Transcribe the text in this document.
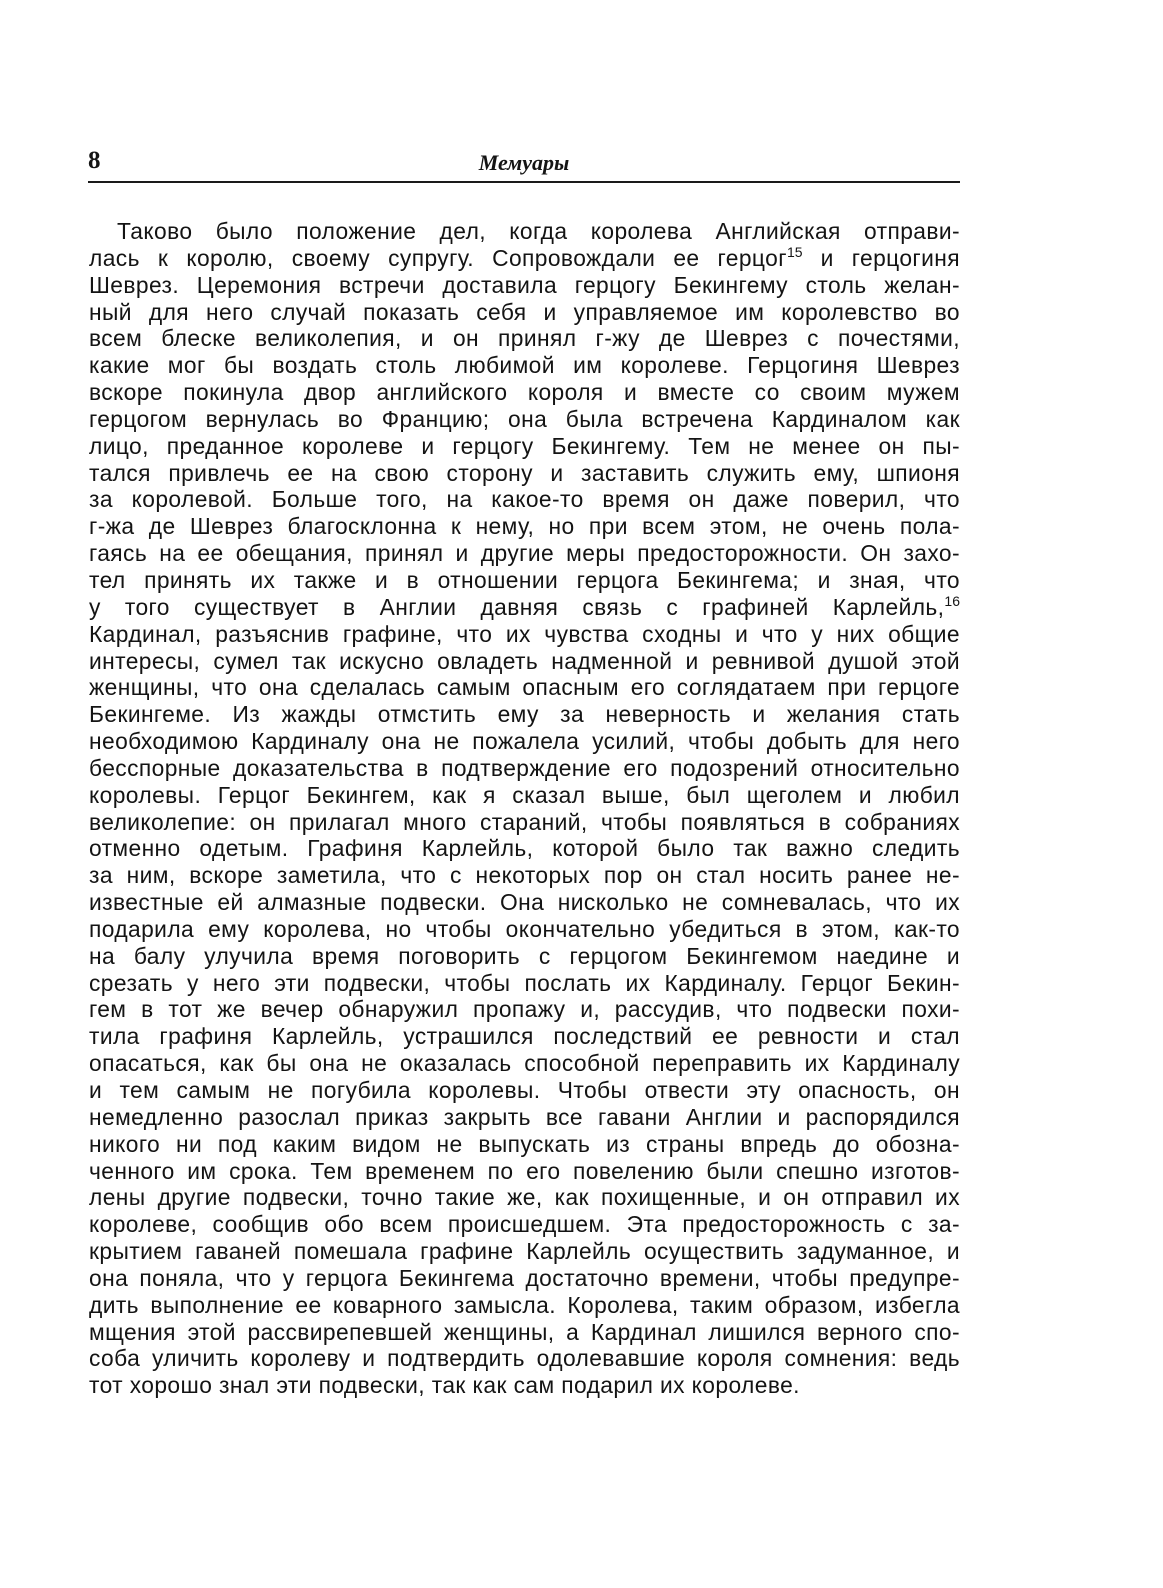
8	Мемуары
Таково было положение дел, когда королева Английская отправи-
лась к королю, своему супругу. Сопровождали ее герцог$^{15}$ и герцогиня
Шеврез. Церемония встречи доставила герцогу Бекингему столь желан-
ный для него случай показать себя и управляемое им королевство во
всем блеске великолепия, и он принял г-жу де Шеврез с почестями,
какие мог бы воздать столь любимой им королеве. Герцогиня Шеврез
вскоре покинула двор английского короля и вместе со своим мужем
герцогом вернулась во Францию; она была встречена Кардиналом как
лицо, преданное королеве и герцогу Бекингему. Тем не менее он пы-
тался привлечь ее на свою сторону и заставить служить ему, шпионя
за королевой. Больше того, на какое-то время он даже поверил, что
г-жа де Шеврез благосклонна к нему, но при всем этом, не очень пола-
гаясь на ее обещания, принял и другие меры предосторожности. Он захо-
тел принять их также и в отношении герцога Бекингема; и зная, что
у того существует в Англии давняя связь с графиней Карлейль,$^{16}$
Кардинал, разъяснив графине, что их чувства сходны и что у них общие
интересы, сумел так искусно овладеть надменной и ревнивой душой этой
женщины, что она сделалась самым опасным его соглядатаем при герцоге
Бекингеме. Из жажды отмстить ему за неверность и желания стать
необходимою Кардиналу она не пожалела усилий, чтобы добыть для него
бесспорные доказательства в подтверждение его подозрений относительно
королевы. Герцог Бекингем, как я сказал выше, был щеголем и любил
великолепие: он прилагал много стараний, чтобы появляться в собраниях
отменно одетым. Графиня Карлейль, которой было так важно следить
за ним, вскоре заметила, что с некоторых пор он стал носить ранее не-
известные ей алмазные подвески. Она нисколько не сомневалась, что их
подарила ему королева, но чтобы окончательно убедиться в этом, как-то
на балу улучила время поговорить с герцогом Бекингемом наедине и
срезать у него эти подвески, чтобы послать их Кардиналу. Герцог Бекин-
гем в тот же вечер обнаружил пропажу и, рассудив, что подвески похи-
тила графиня Карлейль, устрашился последствий ее ревности и стал
опасаться, как бы она не оказалась способной переправить их Кардиналу
и тем самым не погубила королевы. Чтобы отвести эту опасность, он
немедленно разослал приказ закрыть все гавани Англии и распорядился
никого ни под каким видом не выпускать из страны впредь до обозна-
ченного им срока. Тем временем по его повелению были спешно изготов-
лены другие подвески, точно такие же, как похищенные, и он отправил их
королеве, сообщив обо всем происшедшем. Эта предосторожность с за-
крытием гаваней помешала графине Карлейль осуществить задуманное, и
она поняла, что у герцога Бекингема достаточно времени, чтобы предупре-
дить выполнение ее коварного замысла. Королева, таким образом, избегла
мщения этой рассвирепевшей женщины, а Кардинал лишился верного спо-
соба уличить королеву и подтвердить одолевавшие короля сомнения: ведь
тот хорошо знал эти подвески, так как сам подарил их королеве.
